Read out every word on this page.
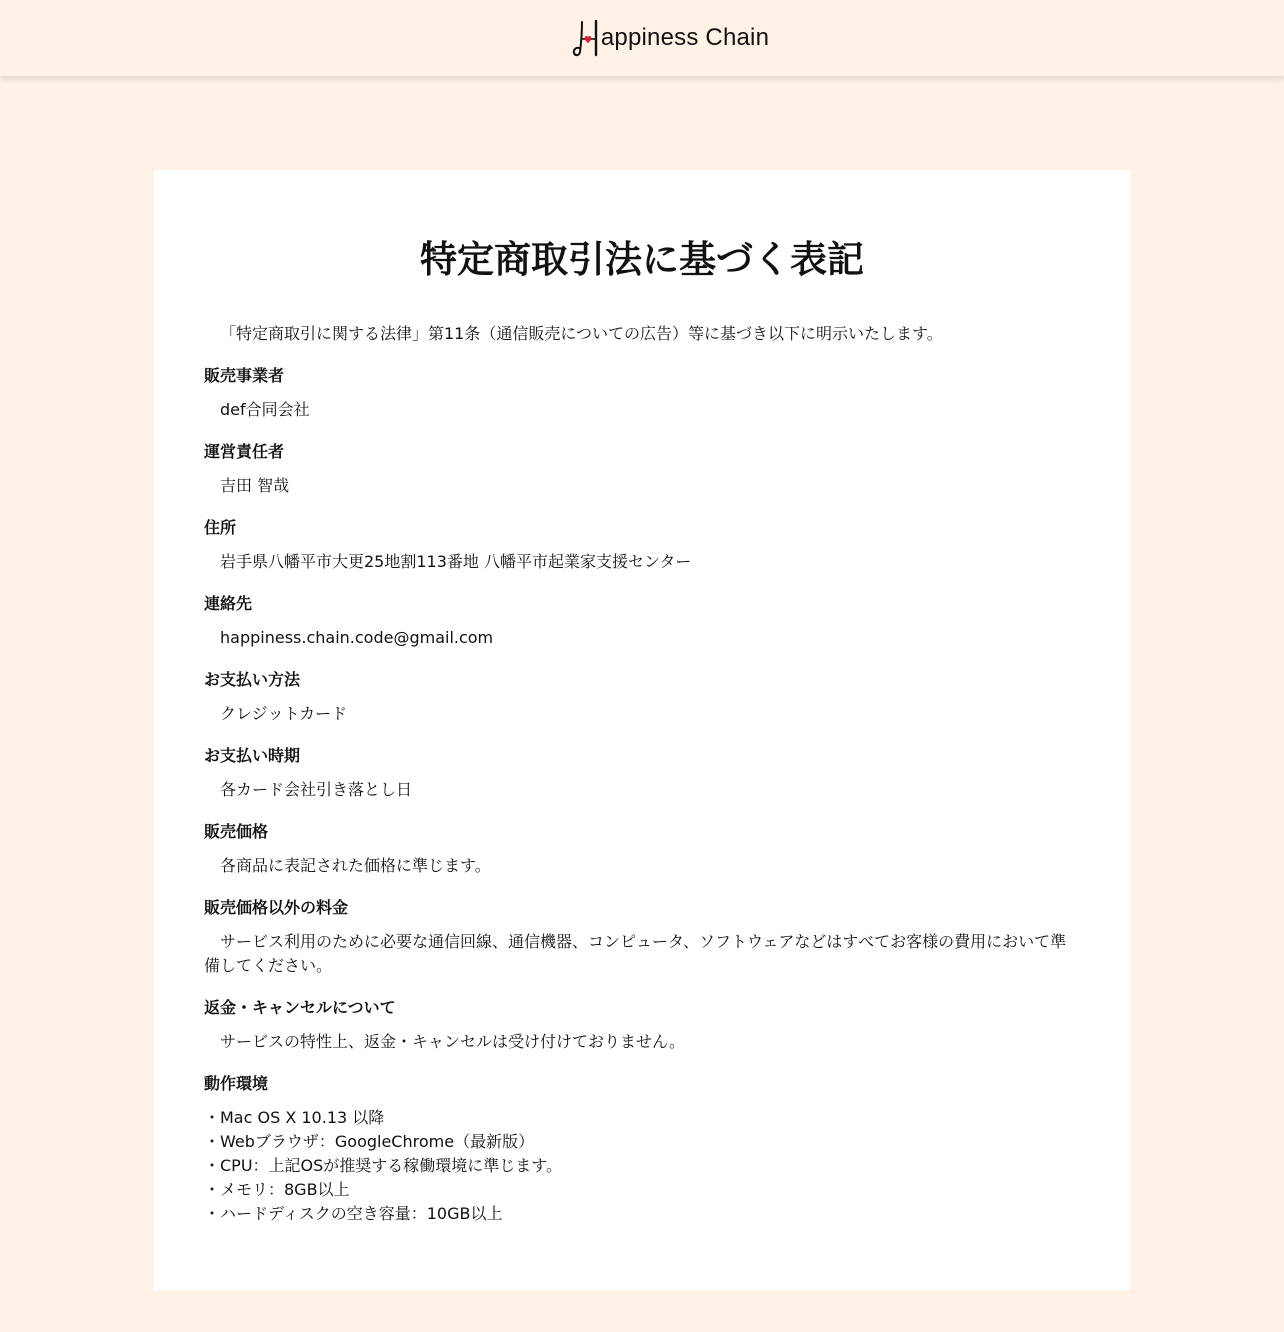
appiness Chain
特定商取引法に基づく表記

「特定商取引に関する法律」第11条（通信販売についての広告）等に基づき以下に明示いたします。

販売事業者

def合同会社

運営責任者

吉田 智哉

住所

岩手県八幡平市大更25地割113番地 八幡平市起業家支援センター

連絡先

happiness.chain.code@gmail.com

お支払い方法

クレジットカード

お支払い時期

各カード会社引き落とし日

販売価格

各商品に表記された価格に準じます。

販売価格以外の料金

サービス利用のために必要な通信回線、通信機器、コンピュータ、ソフトウェアなどはすべてお客様の費用において準備してください。

返金・キャンセルについて

サービスの特性上、返金・キャンセルは受け付けておりません。

動作環境
・Mac OS X 10.13 以降
・Webブラウザ：GoogleChrome（最新版）
・CPU：上記OSが推奨する稼働環境に準じます。
・メモリ：8GB以上
・ハードディスクの空き容量：10GB以上
